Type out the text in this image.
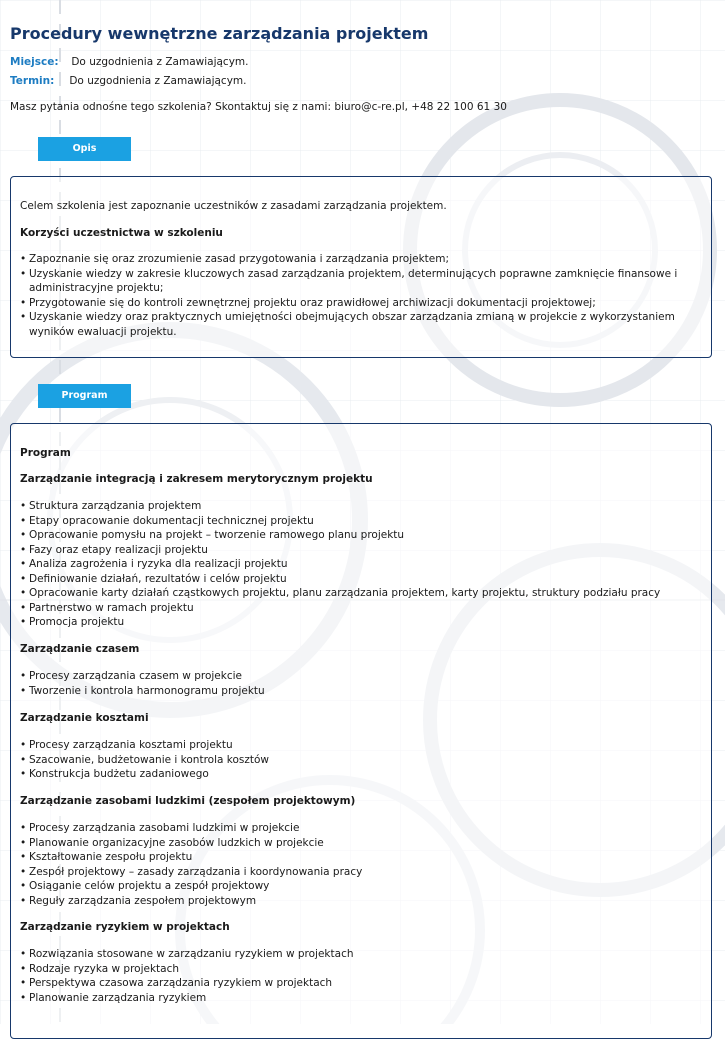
Procedury wewnętrzne zarządzania projektem
Miejsce: Do uzgodnienia z Zamawiającym.
Termin: Do uzgodnienia z Zamawiającym.
Masz pytania odnośne tego szkolenia? Skontaktuj się z nami: biuro@c-re.pl, +48 22 100 61 30
Opis

Celem szkolenia jest zapoznanie uczestników z zasadami zarządzania projektem.

Korzyści uczestnictwa w szkoleniu

• Zapoznanie się oraz zrozumienie zasad przygotowania i zarządzania projektem;
• Uzyskanie wiedzy w zakresie kluczowych zasad zarządzania projektem, determinujących poprawne zamknięcie finansowe i administracyjne projektu;
• Przygotowanie się do kontroli zewnętrznej projektu oraz prawidłowej archiwizacji dokumentacji projektowej;
• Uzyskanie wiedzy oraz praktycznych umiejętności obejmujących obszar zarządzania zmianą w projekcie z wykorzystaniem wyników ewaluacji projektu.
Program

Program

Zarządzanie integracją i zakresem merytorycznym projektu

• Struktura zarządzania projektem
• Etapy opracowanie dokumentacji technicznej projektu
• Opracowanie pomysłu na projekt – tworzenie ramowego planu projektu
• Fazy oraz etapy realizacji projektu
• Analiza zagrożenia i ryzyka dla realizacji projektu
• Definiowanie działań, rezultatów i celów projektu
• Opracowanie karty działań cząstkowych projektu, planu zarządzania projektem, karty projektu, struktury podziału pracy
• Partnerstwo w ramach projektu
• Promocja projektu

Zarządzanie czasem

• Procesy zarządzania czasem w projekcie
• Tworzenie i kontrola harmonogramu projektu

Zarządzanie kosztami

• Procesy zarządzania kosztami projektu
• Szacowanie, budżetowanie i kontrola kosztów
• Konstrukcja budżetu zadaniowego

Zarządzanie zasobami ludzkimi (zespołem projektowym)

• Procesy zarządzania zasobami ludzkimi w projekcie
• Planowanie organizacyjne zasobów ludzkich w projekcie
• Kształtowanie zespołu projektu
• Zespół projektowy – zasady zarządzania i koordynowania pracy
• Osiąganie celów projektu a zespół projektowy
• Reguły zarządzania zespołem projektowym

Zarządzanie ryzykiem w projektach

• Rozwiązania stosowane w zarządzaniu ryzykiem w projektach
• Rodzaje ryzyka w projektach
• Perspektywa czasowa zarządzania ryzykiem w projektach
• Planowanie zarządzania ryzykiem
